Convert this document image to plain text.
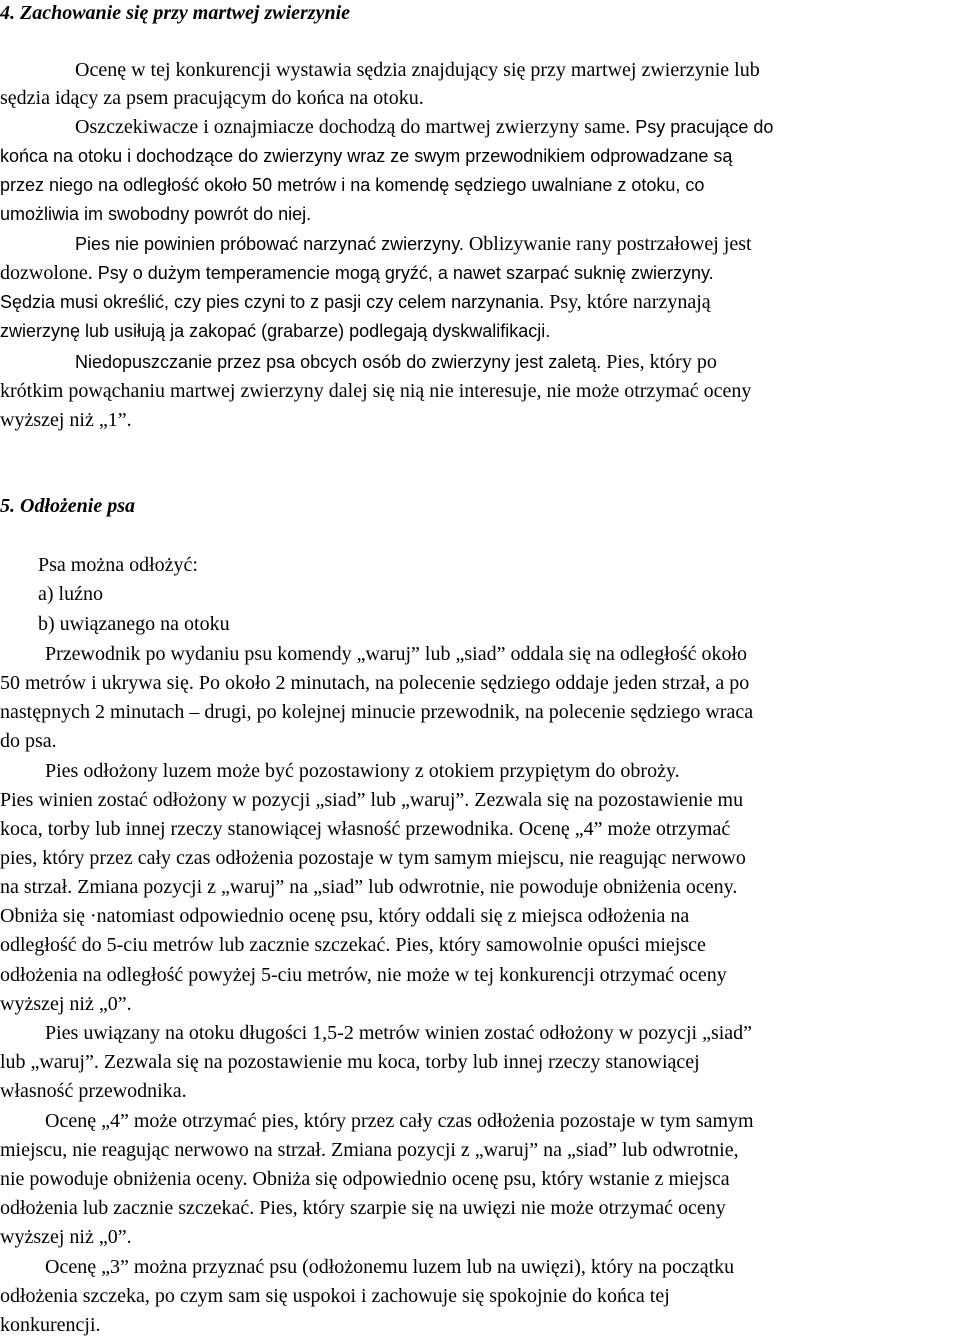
4. Zachowanie się przy martwej zwierzynie
Ocenę w tej konkurencji wystawia sędzia znajdujący się przy martwej zwierzynie lub
sędzia idący za psem pracującym do końca na otoku.
Oszczekiwacze i oznajmiacze dochodzą do martwej zwierzyny same. Psy pracujące do
końca na otoku i dochodzące do zwierzyny wraz ze swym przewodnikiem odprowadzane są
przez niego na odległość około 50 metrów i na komendę sędziego uwalniane z otoku, co
umożliwia im swobodny powrót do niej.
Pies nie powinien próbować narzynać zwierzyny. Oblizywanie rany postrzałowej jest
dozwolone. Psy o dużym temperamencie mogą gryźć, a nawet szarpać suknię zwierzyny.
Sędzia musi określić, czy pies czyni to z pasji czy celem narzynania. Psy, które narzynają
zwierzynę lub usiłują ja zakopać (grabarze) podlegają dyskwalifikacji.
Niedopuszczanie przez psa obcych osób do zwierzyny jest zaletą. Pies, który po
krótkim powąchaniu martwej zwierzyny dalej się nią nie interesuje, nie może otrzymać oceny
wyższej niż „1”.
5. Odłożenie psa
Psa można odłożyć:
a) luźno
b) uwiązanego na otoku
Przewodnik po wydaniu psu komendy „waruj” lub „siad” oddala się na odległość około
50 metrów i ukrywa się. Po około 2 minutach, na polecenie sędziego oddaje jeden strzał, a po
następnych 2 minutach – drugi, po kolejnej minucie przewodnik, na polecenie sędziego wraca
do psa.
Pies odłożony luzem może być pozostawiony z otokiem przypiętym do obroży.
Pies winien zostać odłożony w pozycji „siad” lub „waruj”. Zezwala się na pozostawienie mu
koca, torby lub innej rzeczy stanowiącej własność przewodnika. Ocenę „4” może otrzymać
pies, który przez cały czas odłożenia pozostaje w tym samym miejscu, nie reagując nerwowo
na strzał. Zmiana pozycji z „waruj” na „siad” lub odwrotnie, nie powoduje obniżenia oceny.
Obniża się ·natomiast odpowiednio ocenę psu, który oddali się z miejsca odłożenia na
odległość do 5-ciu metrów lub zacznie szczekać. Pies, który samowolnie opuści miejsce
odłożenia na odległość powyżej 5-ciu metrów, nie może w tej konkurencji otrzymać oceny
wyższej niż „0”.
Pies uwiązany na otoku długości 1,5-2 metrów winien zostać odłożony w pozycji „siad”
lub „waruj”. Zezwala się na pozostawienie mu koca, torby lub innej rzeczy stanowiącej
własność przewodnika.
Ocenę „4” może otrzymać pies, który przez cały czas odłożenia pozostaje w tym samym
miejscu, nie reagując nerwowo na strzał. Zmiana pozycji z „waruj” na „siad” lub odwrotnie,
nie powoduje obniżenia oceny. Obniża się odpowiednio ocenę psu, który wstanie z miejsca
odłożenia lub zacznie szczekać. Pies, który szarpie się na uwięzi nie może otrzymać oceny
wyższej niż „0”.
Ocenę „3” można przyznać psu (odłożonemu luzem lub na uwięzi), który na początku
odłożenia szczeka, po czym sam się uspokoi i zachowuje się spokojnie do końca tej
konkurencji.
